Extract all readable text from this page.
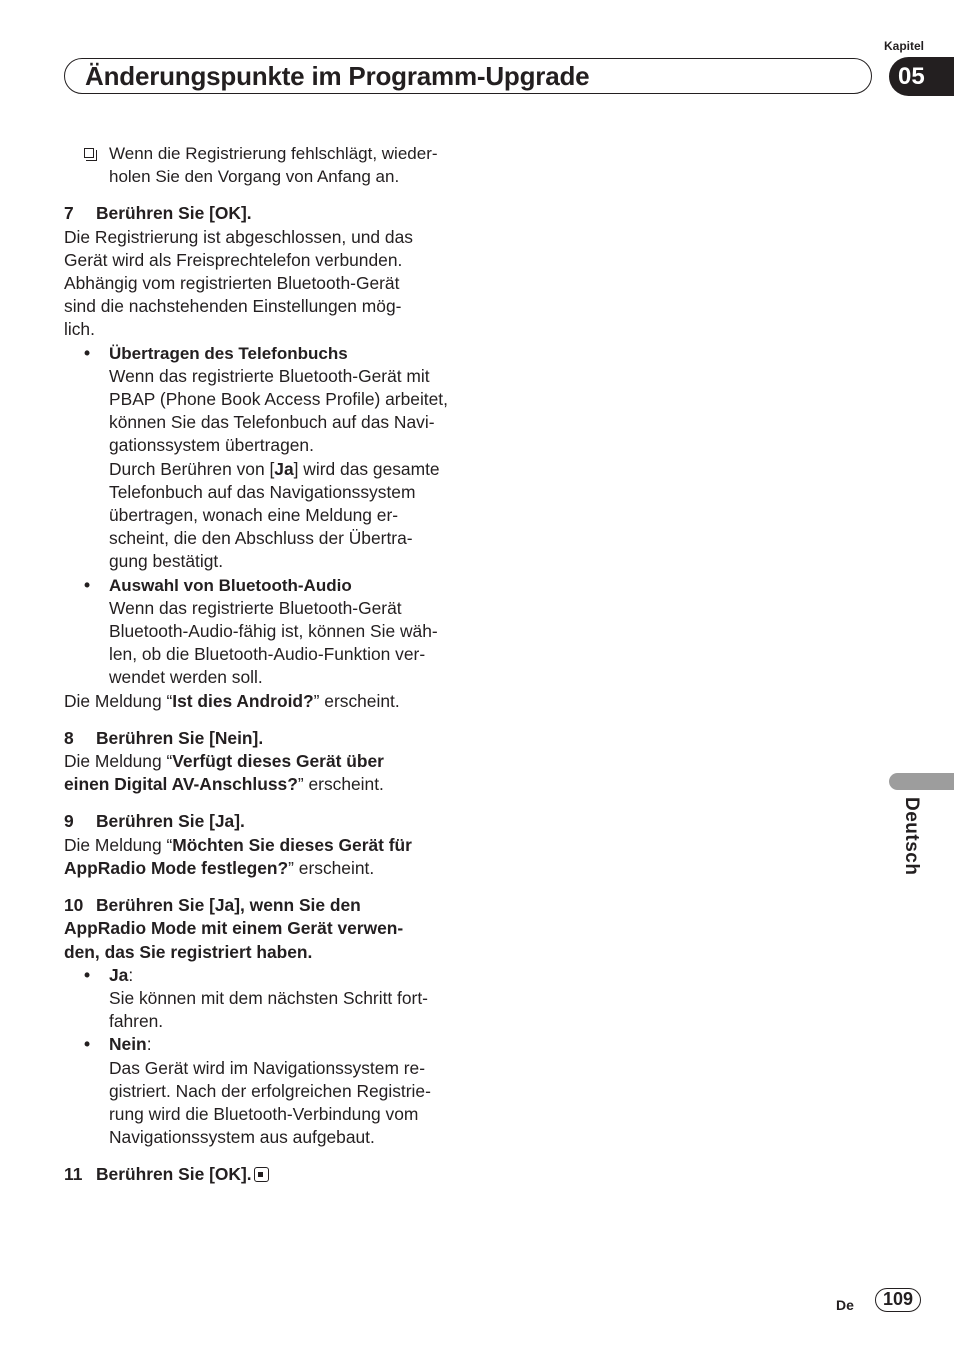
Änderungspunkte im Programm-Upgrade
Kapitel
05
Deutsch
Wenn die Registrierung fehlschlägt, wieder-
holen Sie den Vorgang von Anfang an.
7 Berühren Sie [OK].

Die Registrierung ist abgeschlossen, und das

Gerät wird als Freisprechtelefon verbunden.

Abhängig vom registrierten Bluetooth-Gerät

sind die nachstehenden Einstellungen mög-

lich.

• Übertragen des Telefonbuchs
Wenn das registrierte Bluetooth-Gerät mit
PBAP (Phone Book Access Profile) arbeitet,
können Sie das Telefonbuch auf das Navi-
gationssystem übertragen.
Durch Berühren von [Ja] wird das gesamte
Telefonbuch auf das Navigationssystem
übertragen, wonach eine Meldung er-
scheint, die den Abschluss der Übertra-
gung bestätigt.
• Auswahl von Bluetooth-Audio
Wenn das registrierte Bluetooth-Gerät
Bluetooth-Audio-fähig ist, können Sie wäh-
len, ob die Bluetooth-Audio-Funktion ver-
wendet werden soll.

Die Meldung “Ist dies Android?” erscheint.

8 Berühren Sie [Nein].

Die Meldung “Verfügt dieses Gerät über

einen Digital AV-Anschluss?” erscheint.

9 Berühren Sie [Ja].

Die Meldung “Möchten Sie dieses Gerät für

AppRadio Mode festlegen?” erscheint.

10 Berühren Sie [Ja], wenn Sie den
AppRadio Mode mit einem Gerät verwen-
den, das Sie registriert haben.
• Ja:
Sie können mit dem nächsten Schritt fort-
fahren.
• Nein:
Das Gerät wird im Navigationssystem re-
gistriert. Nach der erfolgreichen Registrie-
rung wird die Bluetooth-Verbindung vom
Navigationssystem aus aufgebaut.
11 Berühren Sie [OK].
De	109
